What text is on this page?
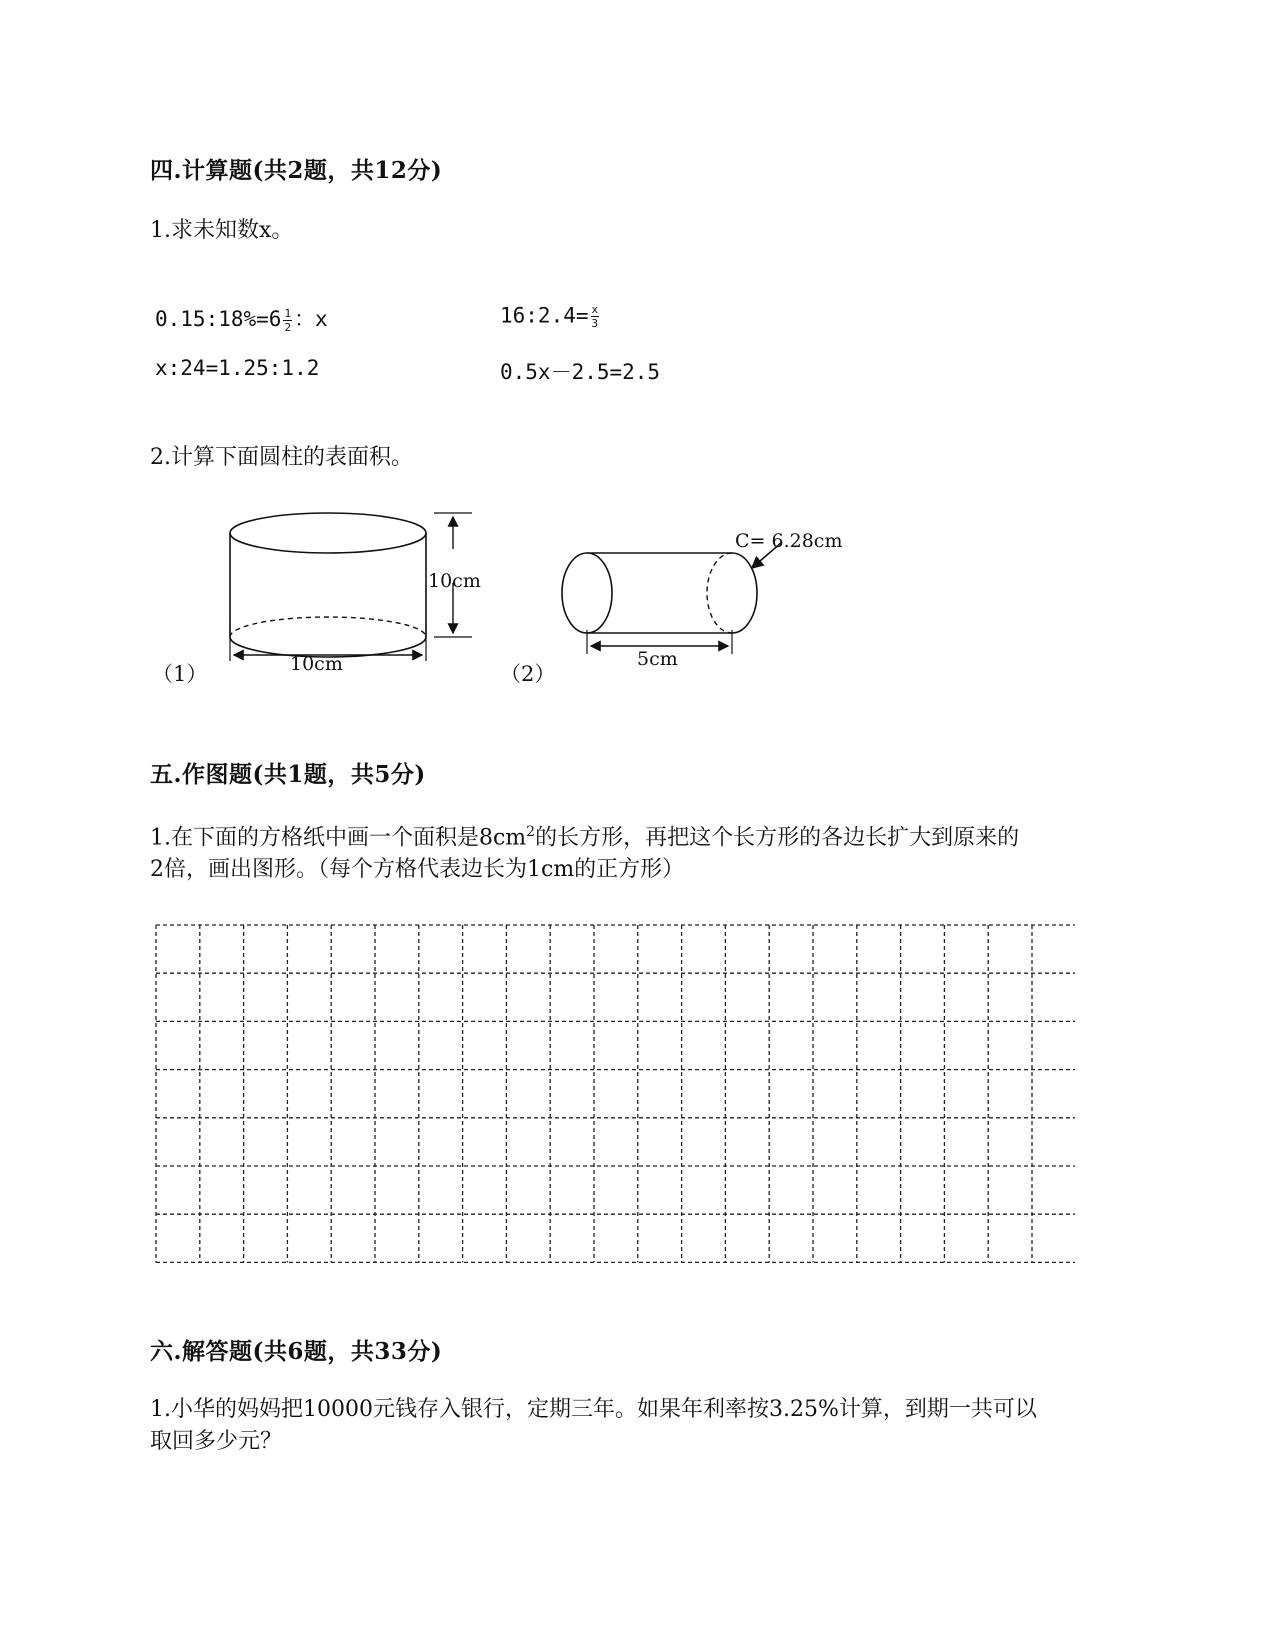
四.计算题(共2题，共12分)
1.求未知数x。
0.15:18%=6 $\frac{1}{2}$ ：x	16:2.4= $\frac{x}{3}$
x:24=1.25:1.2	0.5x－2.5=2.5
2.计算下面圆柱的表面积。
（1）
10cm
10cm	（2）
C= 6.28cm
5cm
五.作图题(共1题，共5分)
1.在下面的方格纸中画一个面积是$8cm^2$的长方形，再把这个长方形的各边长扩大到原来的
2倍，画出图形。（每个方格代表边长为1cm的正方形）
六.解答题(共6题，共33分)
1.小华的妈妈把10000元钱存入银行，定期三年。如果年利率按3.25%计算，到期一共可以
取回多少元？
